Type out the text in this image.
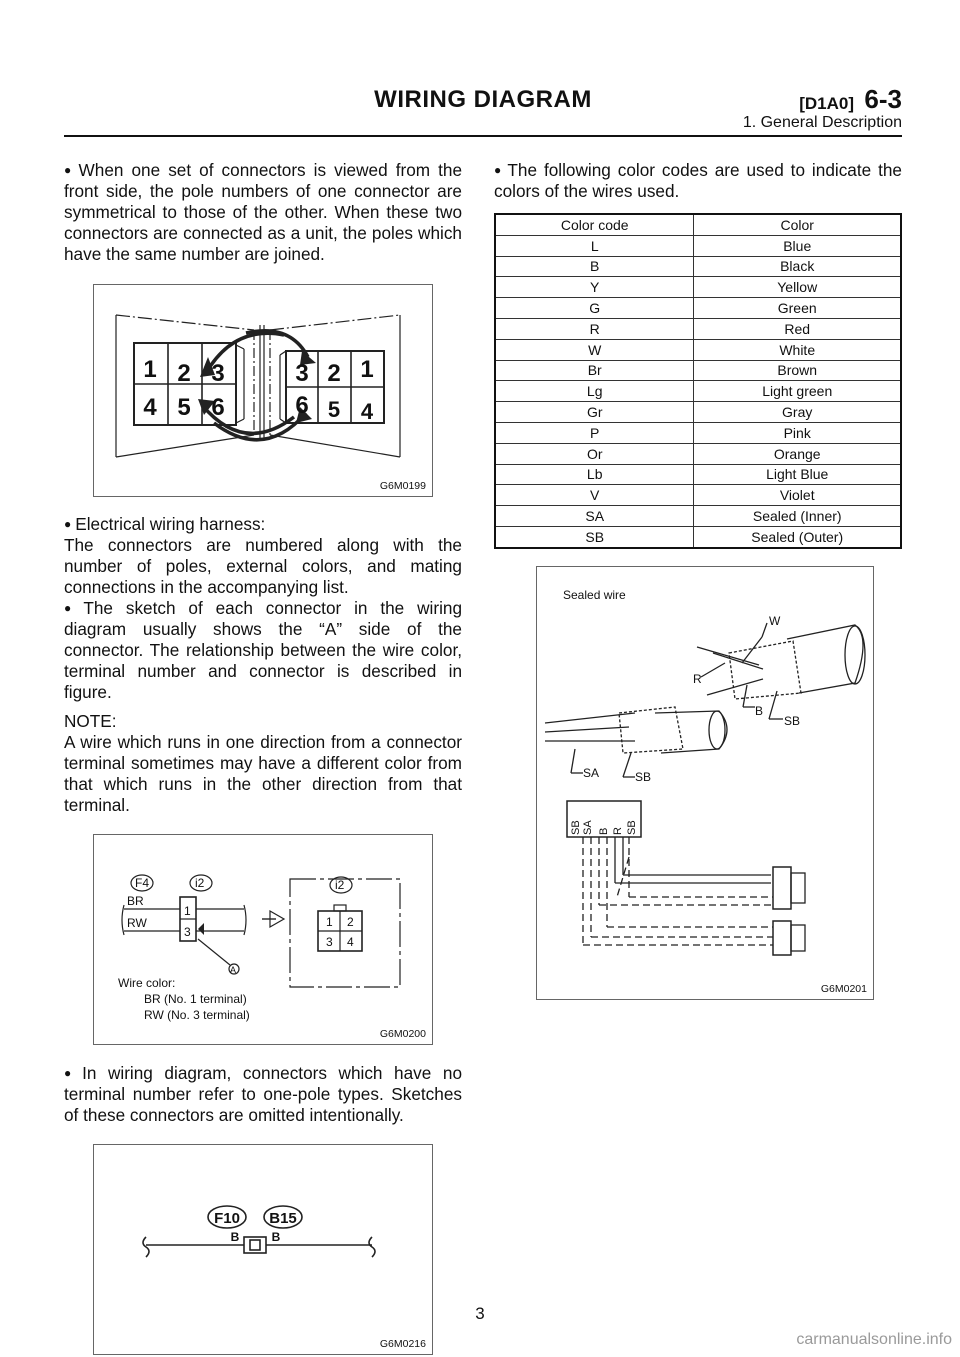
WIRING DIAGRAM	[D1A0] 6-3
1. General Description

● When one set of connectors is viewed from the front side, the pole numbers of one connector are symmetrical to those of the other. When these two connectors are connected as a unit, the poles which have the same number are joined.

1 2 3
4 5 6
3 2 1
6 5 4
G6M0199

● Electrical wiring harness:

The connectors are numbered along with the number of poles, external colors, and mating connections in the accompanying list.

● The sketch of each connector in the wiring diagram usually shows the “A” side of the connector. The relationship between the wire color, terminal number and connector is described in figure.

NOTE:

A wire which runs in one direction from a connector terminal sometimes may have a different color from that which runs in the other direction from that terminal.

F4	i2	i2
BR
RW
1
3
1 2
3 4
A
Wire color:
BR (No. 1 terminal)
RW (No. 3 terminal)
G6M0200

● In wiring diagram, connectors which have no terminal number refer to one-pole types. Sketches of these connectors are omitted intentionally.

F10 B15
B	B
G6M0216

● The following color codes are used to indicate the colors of the wires used.

Color code	Color
L	Blue
B	Black
Y	Yellow
G	Green
R	Red
W	White
Br	Brown
Lg	Light green
Gr	Gray
P	Pink
Or	Orange
Lb	Light Blue
V	Violet
SA	Sealed (Inner)
SB	Sealed (Outer)
Sealed wire
W
R
B
SB
SA	SB
SB SA B R SB
G6M0201
3
carmanualsonline.info
